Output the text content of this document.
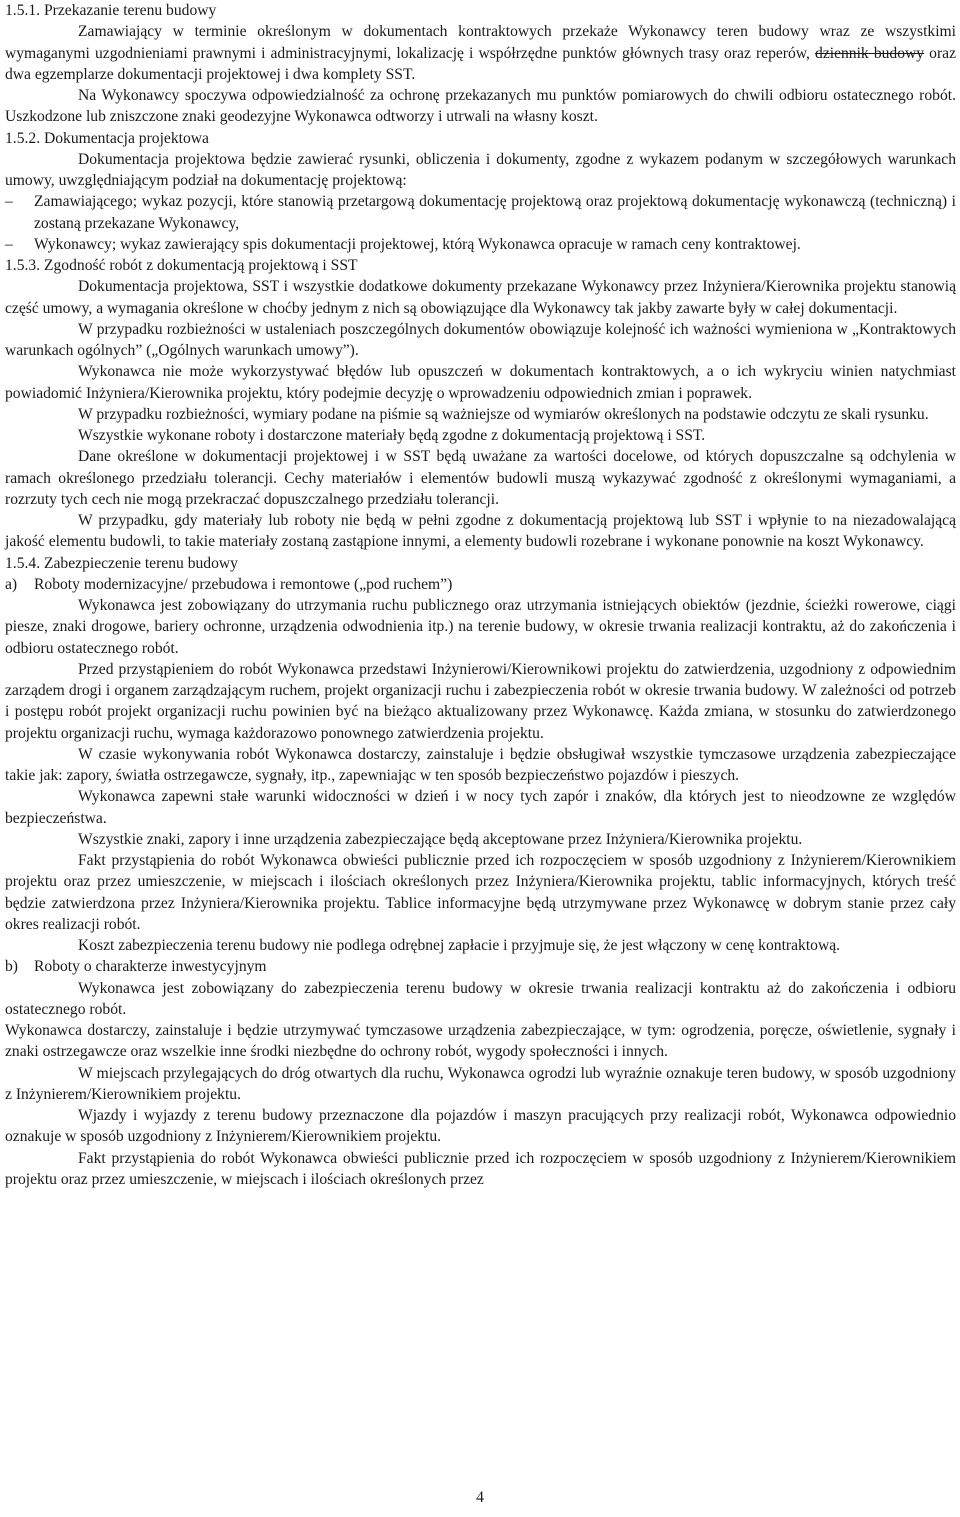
1.5.1. Przekazanie terenu budowy

Zamawiający w terminie określonym w dokumentach kontraktowych przekaże Wykonawcy teren budowy wraz ze wszystkimi wymaganymi uzgodnieniami prawnymi i administracyjnymi, lokalizację i współrzędne punktów głównych trasy oraz reperów, dziennik budowy oraz dwa egzemplarze dokumentacji projektowej i dwa komplety SST.

Na Wykonawcy spoczywa odpowiedzialność za ochronę przekazanych mu punktów pomiarowych do chwili odbioru ostatecznego robót. Uszkodzone lub zniszczone znaki geodezyjne Wykonawca odtworzy i utrwali na własny koszt.

1.5.2. Dokumentacja projektowa

Dokumentacja projektowa będzie zawierać rysunki, obliczenia i dokumenty, zgodne z wykazem podanym w szczegółowych warunkach umowy, uwzględniającym podział na dokumentację projektową:

–	Zamawiającego; wykaz pozycji, które stanowią przetargową dokumentację projektową oraz projektową dokumentację wykonawczą (techniczną) i zostaną przekazane Wykonawcy,
–	Wykonawcy; wykaz zawierający spis dokumentacji projektowej, którą Wykonawca opracuje w ramach ceny kontraktowej.

1.5.3. Zgodność robót z dokumentacją projektową i SST

Dokumentacja projektowa, SST i wszystkie dodatkowe dokumenty przekazane Wykonawcy przez Inżyniera/Kierownika projektu stanowią część umowy, a wymagania określone w choćby jednym z nich są obowiązujące dla Wykonawcy tak jakby zawarte były w całej dokumentacji.

W przypadku rozbieżności w ustaleniach poszczególnych dokumentów obowiązuje kolejność ich ważności wymieniona w „Kontraktowych warunkach ogólnych” („Ogólnych warunkach umowy”).

Wykonawca nie może wykorzystywać błędów lub opuszczeń w dokumentach kontraktowych, a o ich wykryciu winien natychmiast powiadomić Inżyniera/Kierownika projektu, który podejmie decyzję o wprowadzeniu odpowiednich zmian i poprawek.

W przypadku rozbieżności, wymiary podane na piśmie są ważniejsze od wymiarów określonych na podstawie odczytu ze skali rysunku.

Wszystkie wykonane roboty i dostarczone materiały będą zgodne z dokumentacją projektową i SST.

Dane określone w dokumentacji projektowej i w SST będą uważane za wartości docelowe, od których dopuszczalne są odchylenia w ramach określonego przedziału tolerancji. Cechy materiałów i elementów budowli muszą wykazywać zgodność z określonymi wymaganiami, a rozrzuty tych cech nie mogą przekraczać dopuszczalnego przedziału tolerancji.

W przypadku, gdy materiały lub roboty nie będą w pełni zgodne z dokumentacją projektową lub SST i wpłynie to na niezadowalającą jakość elementu budowli, to takie materiały zostaną zastąpione innymi, a elementy budowli rozebrane i wykonane ponownie na koszt Wykonawcy.

1.5.4. Zabezpieczenie terenu budowy

a)	Roboty modernizacyjne/ przebudowa i remontowe („pod ruchem”)

Wykonawca jest zobowiązany do utrzymania ruchu publicznego oraz utrzymania istniejących obiektów (jezdnie, ścieżki rowerowe, ciągi piesze, znaki drogowe, bariery ochronne, urządzenia odwodnienia itp.) na terenie budowy, w okresie trwania realizacji kontraktu, aż do zakończenia i odbioru ostatecznego robót.

Przed przystąpieniem do robót Wykonawca przedstawi Inżynierowi/Kierownikowi projektu do zatwierdzenia, uzgodniony z odpowiednim zarządem drogi i organem zarządzającym ruchem, projekt organizacji ruchu i zabezpieczenia robót w okresie trwania budowy. W zależności od potrzeb i postępu robót projekt organizacji ruchu powinien być na bieżąco aktualizowany przez Wykonawcę. Każda zmiana, w stosunku do zatwierdzonego projektu organizacji ruchu, wymaga każdorazowo ponownego zatwierdzenia projektu.

W czasie wykonywania robót Wykonawca dostarczy, zainstaluje i będzie obsługiwał wszystkie tymczasowe urządzenia zabezpieczające takie jak: zapory, światła ostrzegawcze, sygnały, itp., zapewniając w ten sposób bezpieczeństwo pojazdów i pieszych.

Wykonawca zapewni stałe warunki widoczności w dzień i w nocy tych zapór i znaków, dla których jest to nieodzowne ze względów bezpieczeństwa.

Wszystkie znaki, zapory i inne urządzenia zabezpieczające będą akceptowane przez Inżyniera/Kierownika projektu.

Fakt przystąpienia do robót Wykonawca obwieści publicznie przed ich rozpoczęciem w sposób uzgodniony z Inżynierem/Kierownikiem projektu oraz przez umieszczenie, w miejscach i ilościach określonych przez Inżyniera/Kierownika projektu, tablic informacyjnych, których treść będzie zatwierdzona przez Inżyniera/Kierownika projektu. Tablice informacyjne będą utrzymywane przez Wykonawcę w dobrym stanie przez cały okres realizacji robót.

Koszt zabezpieczenia terenu budowy nie podlega odrębnej zapłacie i przyjmuje się, że jest włączony w cenę kontraktową.

b)	Roboty o charakterze inwestycyjnym

Wykonawca jest zobowiązany do zabezpieczenia terenu budowy w okresie trwania realizacji kontraktu aż do zakończenia i odbioru ostatecznego robót.

Wykonawca dostarczy, zainstaluje i będzie utrzymywać tymczasowe urządzenia zabezpieczające, w tym: ogrodzenia, poręcze, oświetlenie, sygnały i znaki ostrzegawcze oraz wszelkie inne środki niezbędne do ochrony robót, wygody społeczności i innych.

W miejscach przylegających do dróg otwartych dla ruchu, Wykonawca ogrodzi lub wyraźnie oznakuje teren budowy, w sposób uzgodniony z Inżynierem/Kierownikiem projektu.

Wjazdy i wyjazdy z terenu budowy przeznaczone dla pojazdów i maszyn pracujących przy realizacji robót, Wykonawca odpowiednio oznakuje w sposób uzgodniony z Inżynierem/Kierownikiem projektu.

Fakt przystąpienia do robót Wykonawca obwieści publicznie przed ich rozpoczęciem w sposób uzgodniony z Inżynierem/Kierownikiem projektu oraz przez umieszczenie, w miejscach i ilościach określonych przez

4
